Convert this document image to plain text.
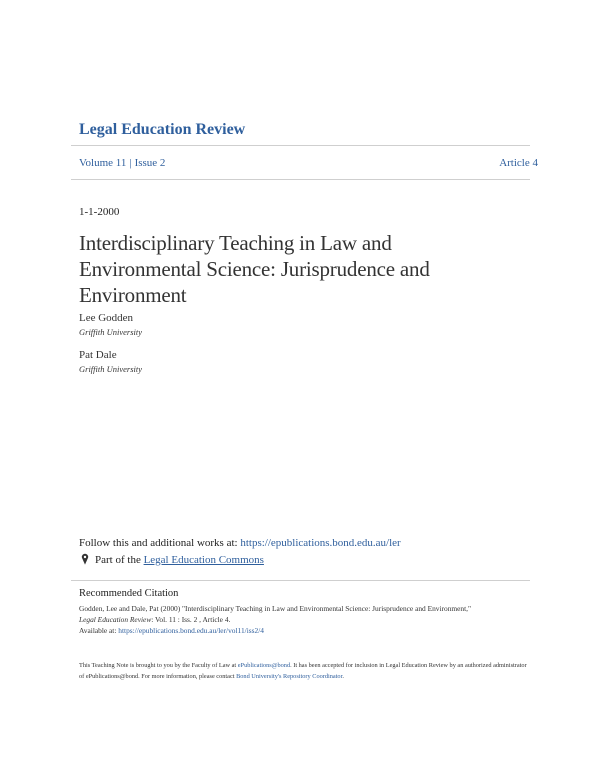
Legal Education Review
Volume 11 | Issue 2	Article 4
1-1-2000
Interdisciplinary Teaching in Law and Environmental Science: Jurisprudence and Environment
Lee Godden
Griffith University
Pat Dale
Griffith University
Follow this and additional works at: https://epublications.bond.edu.au/ler
Part of the Legal Education Commons
Recommended Citation
Godden, Lee and Dale, Pat (2000) "Interdisciplinary Teaching in Law and Environmental Science: Jurisprudence and Environment,"
Legal Education Review: Vol. 11 : Iss. 2 , Article 4.
Available at: https://epublications.bond.edu.au/ler/vol11/iss2/4
This Teaching Note is brought to you by the Faculty of Law at ePublications@bond. It has been accepted for inclusion in Legal Education Review by an authorized administrator of ePublications@bond. For more information, please contact Bond University's Repository Coordinator.
